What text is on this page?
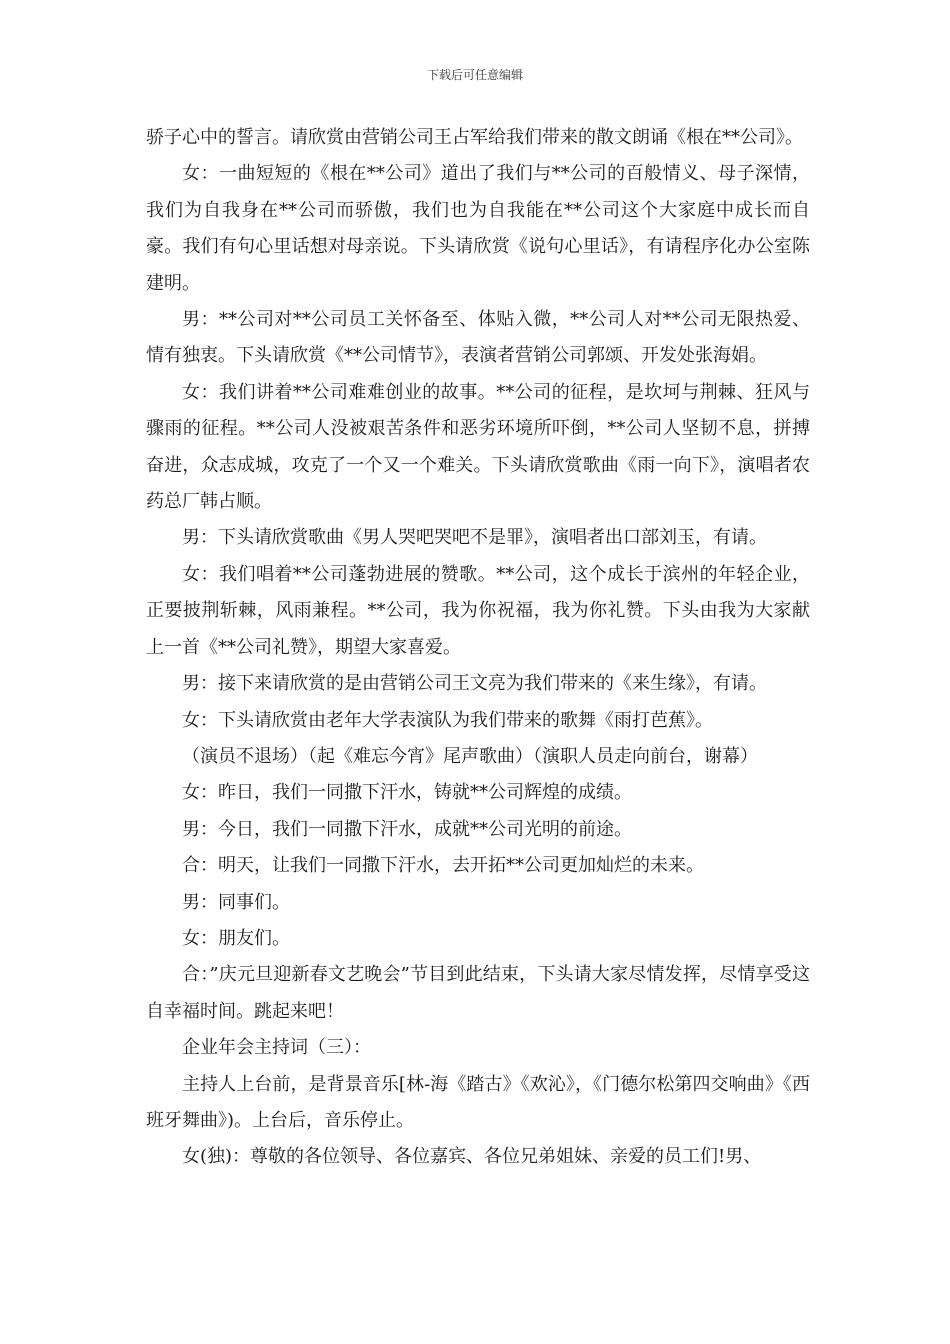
下载后可任意编辑

骄子心中的誓言。请欣赏由营销公司王占军给我们带来的散文朗诵《根在**公司》。

女：一曲短短的《根在**公司》道出了我们与**公司的百般情义、母子深情，我们为自我身在**公司而骄傲，我们也为自我能在**公司这个大家庭中成长而自豪。我们有句心里话想对母亲说。下头请欣赏《说句心里话》，有请程序化办公室陈建明。

男：**公司对**公司员工关怀备至、体贴入微，**公司人对**公司无限热爱、情有独衷。下头请欣赏《**公司情节》，表演者营销公司郭颂、开发处张海娟。

女：我们讲着**公司难难创业的故事。**公司的征程，是坎坷与荆棘、狂风与骤雨的征程。**公司人没被艰苦条件和恶劣环境所吓倒，**公司人坚韧不息，拼搏奋进，众志成城，攻克了一个又一个难关。下头请欣赏歌曲《雨一向下》，演唱者农药总厂韩占顺。

男：下头请欣赏歌曲《男人哭吧哭吧不是罪》，演唱者出口部刘玉，有请。

女：我们唱着**公司蓬勃进展的赞歌。**公司，这个成长于滨州的年轻企业，正要披荆斩棘，风雨兼程。**公司，我为你祝福，我为你礼赞。下头由我为大家献上一首《**公司礼赞》，期望大家喜爱。

男：接下来请欣赏的是由营销公司王文亮为我们带来的《来生缘》，有请。

女：下头请欣赏由老年大学表演队为我们带来的歌舞《雨打芭蕉》。

（演员不退场）（起《难忘今宵》尾声歌曲）（演职人员走向前台，谢幕）

女：昨日，我们一同撒下汗水，铸就**公司辉煌的成绩。

男：今日，我们一同撒下汗水，成就**公司光明的前途。

合：明天，让我们一同撒下汗水，去开拓**公司更加灿烂的未来。

男：同事们。

女：朋友们。

合：”庆元旦迎新春文艺晚会”节目到此结束，下头请大家尽情发挥，尽情享受这自幸福时间。跳起来吧！

企业年会主持词（三）：

主持人上台前，是背景音乐[林-海《踏古》《欢沁》，《门德尔松第四交响曲》《西班牙舞曲》)。上台后，音乐停止。

女(独)：尊敬的各位领导、各位嘉宾、各位兄弟姐妹、亲爱的员工们!男、
